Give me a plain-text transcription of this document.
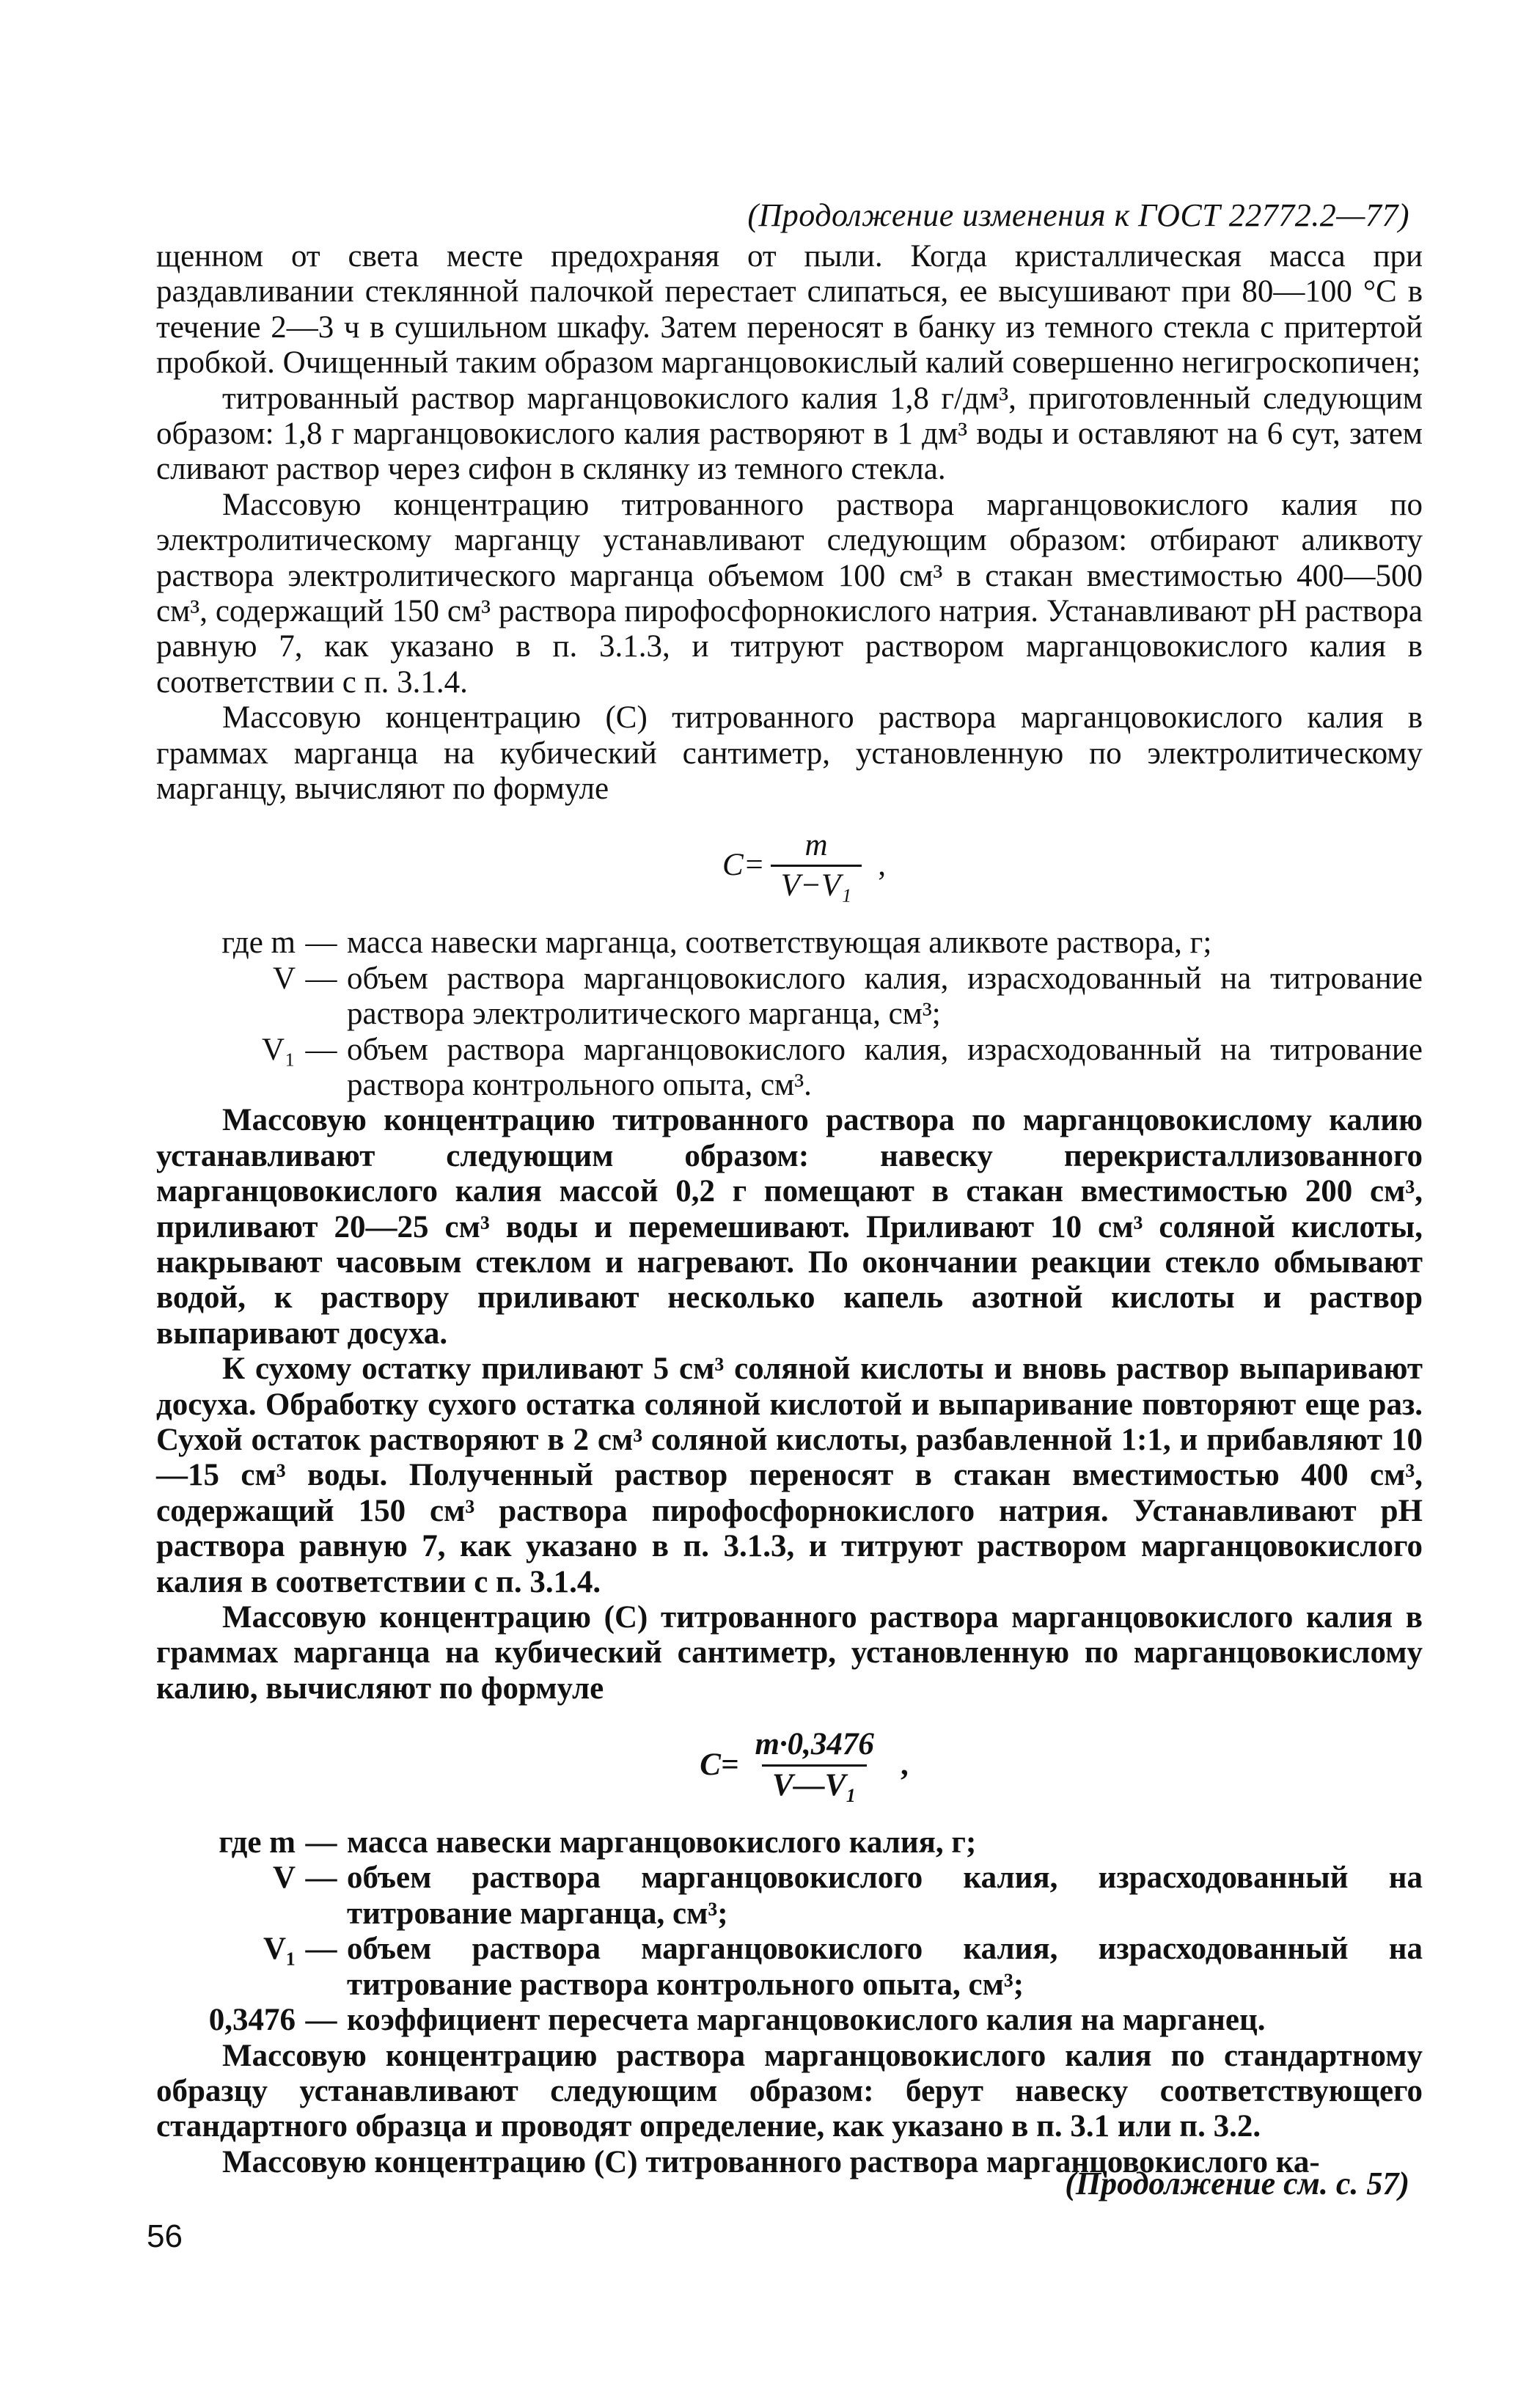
(Продолжение изменения к ГОСТ 22772.2—77)

щенном от света месте предохраняя от пыли. Когда кристаллическая масса при раздавливании стеклянной палочкой перестает слипаться, ее высушивают при 80—100 °С в течение 2—3 ч в сушильном шкафу. Затем переносят в банку из темного стекла с притертой пробкой. Очищенный таким образом марганцовокислый калий совершенно негигроскопичен;

титрованный раствор марганцовокислого калия 1,8 г/дм³, приготовленный следующим образом: 1,8 г марганцовокислого калия растворяют в 1 дм³ воды и оставляют на 6 сут, затем сливают раствор через сифон в склянку из темного стекла.

Массовую концентрацию титрованного раствора марганцовокислого калия по электролитическому марганцу устанавливают следующим образом: отбирают аликвоту раствора электролитического марганца объемом 100 см³ в стакан вместимостью 400—500 см³, содержащий 150 см³ раствора пирофосфорнокислого натрия. Устанавливают рН раствора равную 7, как указано в п. 3.1.3, и титруют раствором марганцовокислого калия в соответствии с п. 3.1.4.

Массовую концентрацию (С) титрованного раствора марганцовокислого калия в граммах марганца на кубический сантиметр, установленную по электролитическому марганцу, вычисляют по формуле

$C= \frac{m}{\text{V−V₁}}$ ,
где m — масса навески марганца, соответствующая аликвоте раствора, г;
V — объем раствора марганцовокислого калия, израсходованный на титрование раствора электролитического марганца, см³;
V₁ — объем раствора марганцовокислого калия, израсходованный на титрование раствора контрольного опыта, см³.

Массовую концентрацию титрованного раствора по марганцовокислому калию устанавливают следующим образом: навеску перекристаллизованного марганцовокислого калия массой 0,2 г помещают в стакан вместимостью 200 см³, приливают 20—25 см³ воды и перемешивают. Приливают 10 см³ соляной кислоты, накрывают часовым стеклом и нагревают. По окончании реакции стекло обмывают водой, к раствору приливают несколько капель азотной кислоты и раствор выпаривают досуха.

К сухому остатку приливают 5 см³ соляной кислоты и вновь раствор выпаривают досуха. Обработку сухого остатка соляной кислотой и выпаривание повторяют еще раз. Сухой остаток растворяют в 2 см³ соляной кислоты, разбавленной 1:1, и прибавляют 10—15 см³ воды. Полученный раствор переносят в стакан вместимостью 400 см³, содержащий 150 см³ раствора пирофосфорнокислого натрия. Устанавливают рН раствора равную 7, как указано в п. 3.1.3, и титруют раствором марганцовокислого калия в соответствии с п. 3.1.4.

Массовую концентрацию (С) титрованного раствора марганцовокислого калия в граммах марганца на кубический сантиметр, установленную по марганцовокислому калию, вычисляют по формуле

$C= \frac{m\cdot 0,3476}{\text{V—V₁}}$ ,
где m — масса навески марганцовокислого калия, г;
V — объем раствора марганцовокислого калия, израсходованный на титрование марганца, см³;
V₁ — объем раствора марганцовокислого калия, израсходованный на титрование раствора контрольного опыта, см³;
0,3476 — коэффициент пересчета марганцовокислого калия на марганец.

Массовую концентрацию раствора марганцовокислого калия по стандартному образцу устанавливают следующим образом: берут навеску соответствующего стандартного образца и проводят определение, как указано в п. 3.1 или п. 3.2.

Массовую концентрацию (С) титрованного раствора марганцовокислого ка-

(Продолжение см. с. 57)
56
